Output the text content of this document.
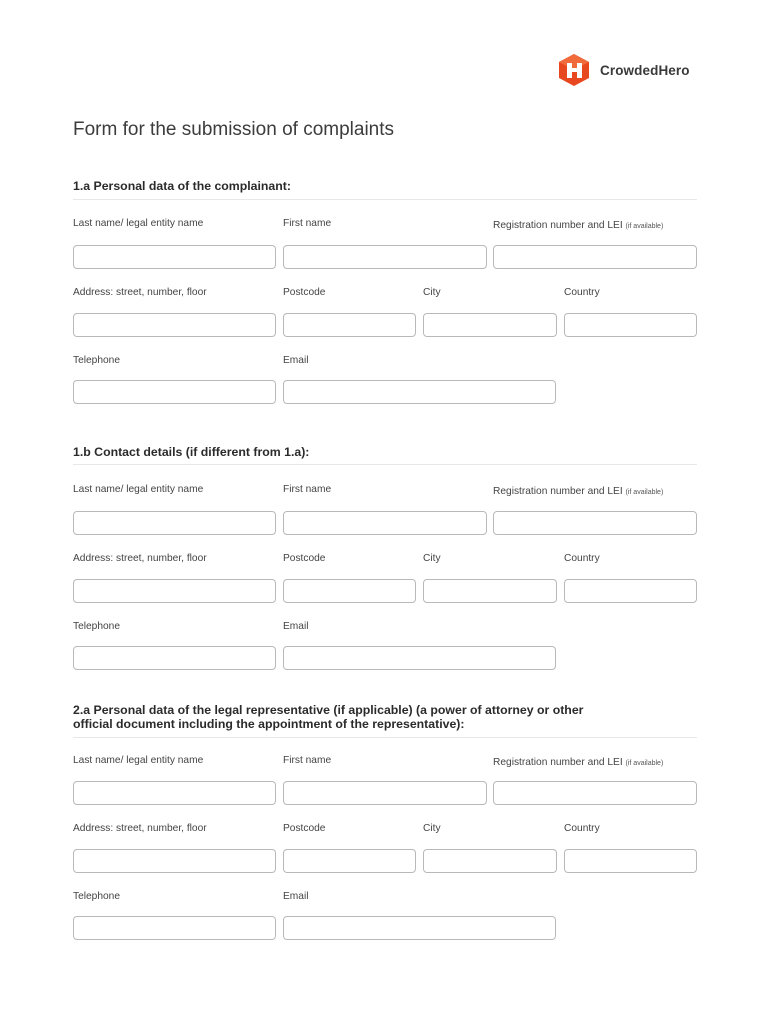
CrowdedHero
Form for the submission of complaints
1.a Personal data of the complainant:
Last name/ legal entity name	First name	Registration number and LEI (if available)
Address: street, number, floor	Postcode	City	Country
Telephone	Email
1.b Contact details (if different from 1.a):
Last name/ legal entity name	First name	Registration number and LEI (if available)
Address: street, number, floor	Postcode	City	Country
Telephone	Email
2.a Personal data of the legal representative (if applicable) (a power of attorney or other
official document including the appointment of the representative):
Last name/ legal entity name	First name	Registration number and LEI (if available)
Address: street, number, floor	Postcode	City	Country
Telephone	Email
